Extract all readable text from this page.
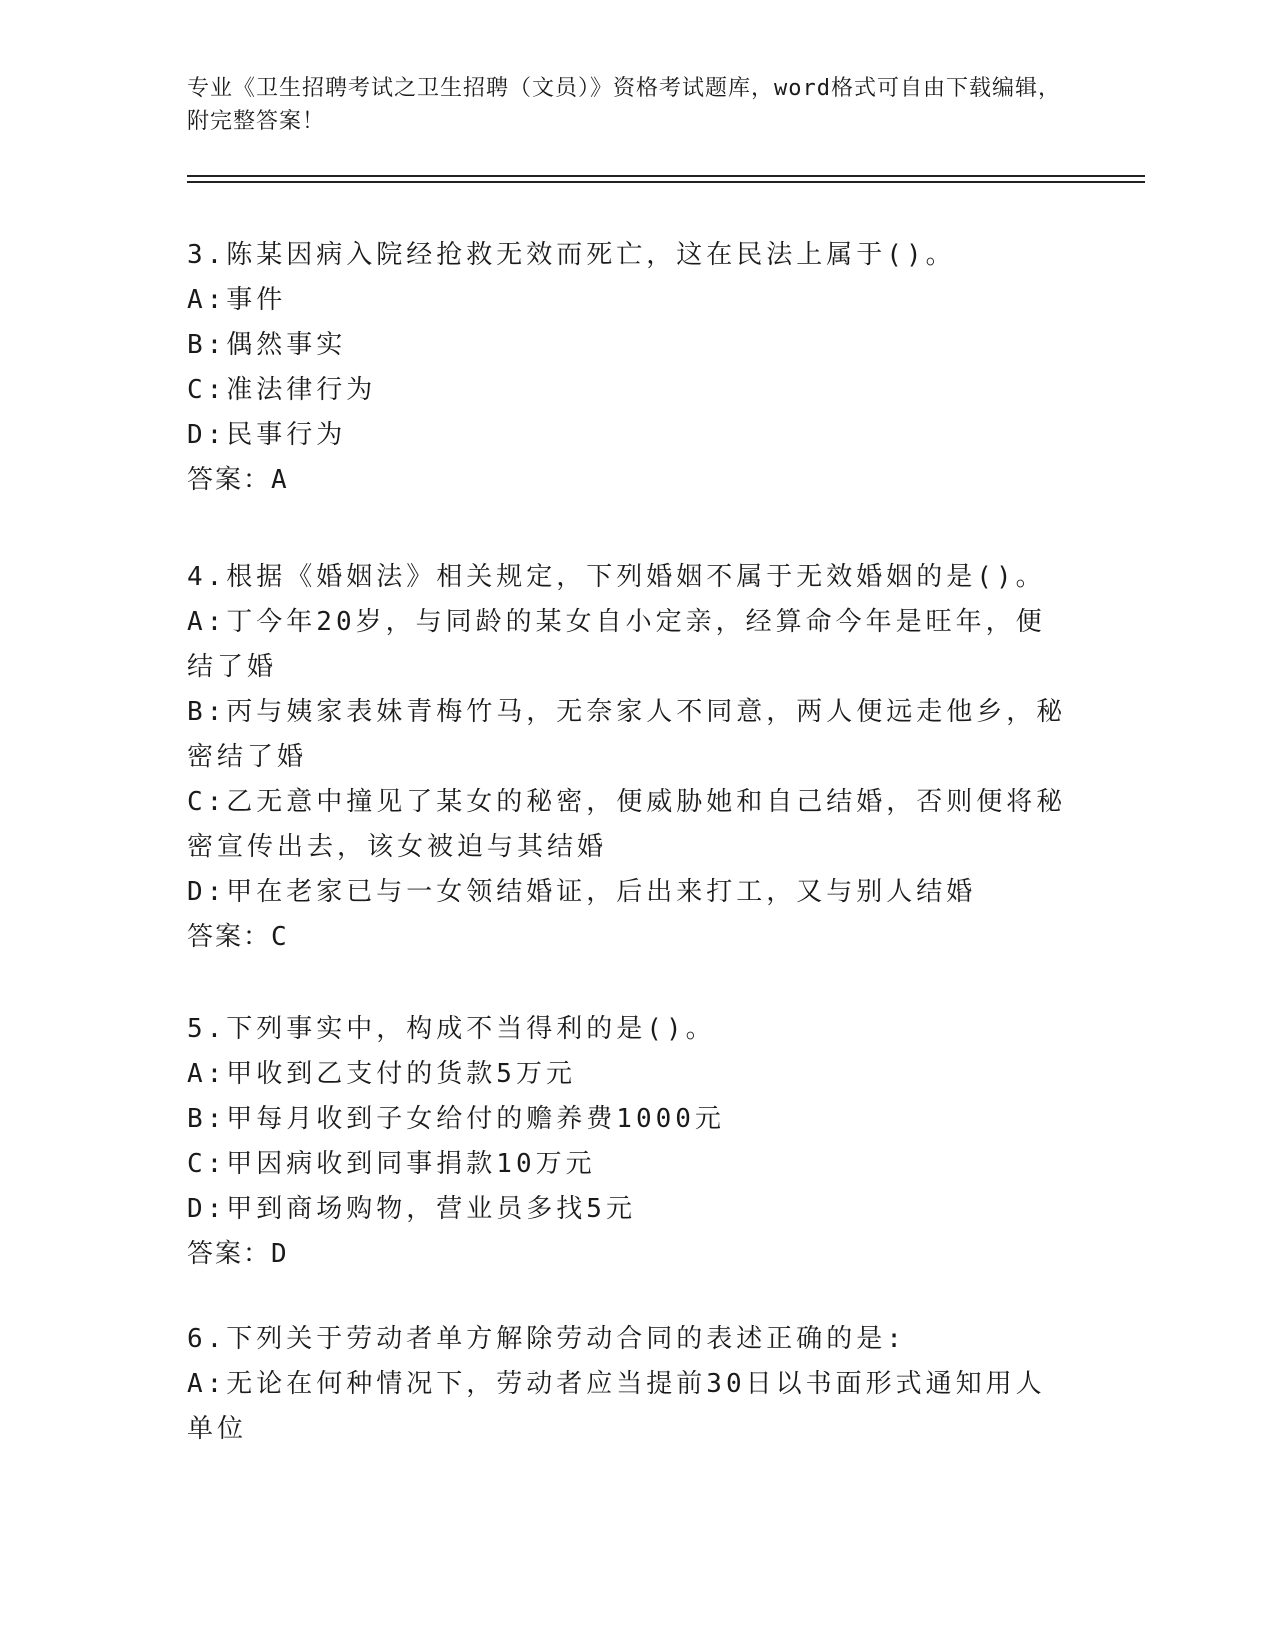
专业《卫生招聘考试之卫生招聘（文员）》资格考试题库，word格式可自由下载编辑，附完整答案！

3.陈某因病入院经抢救无效而死亡，这在民法上属于()。

A:事件

B:偶然事实

C:准法律行为

D:民事行为

答案：A

4.根据《婚姻法》相关规定，下列婚姻不属于无效婚姻的是()。

A:丁今年20岁，与同龄的某女自小定亲，经算命今年是旺年，便结了婚

B:丙与姨家表妹青梅竹马，无奈家人不同意，两人便远走他乡，秘密结了婚

C:乙无意中撞见了某女的秘密，便威胁她和自己结婚，否则便将秘密宣传出去，该女被迫与其结婚

D:甲在老家已与一女领结婚证，后出来打工，又与别人结婚

答案：C

5.下列事实中，构成不当得利的是()。

A:甲收到乙支付的货款5万元

B:甲每月收到子女给付的赡养费1000元

C:甲因病收到同事捐款10万元

D:甲到商场购物，营业员多找5元

答案：D

6.下列关于劳动者单方解除劳动合同的表述正确的是:

A:无论在何种情况下，劳动者应当提前30日以书面形式通知用人单位
